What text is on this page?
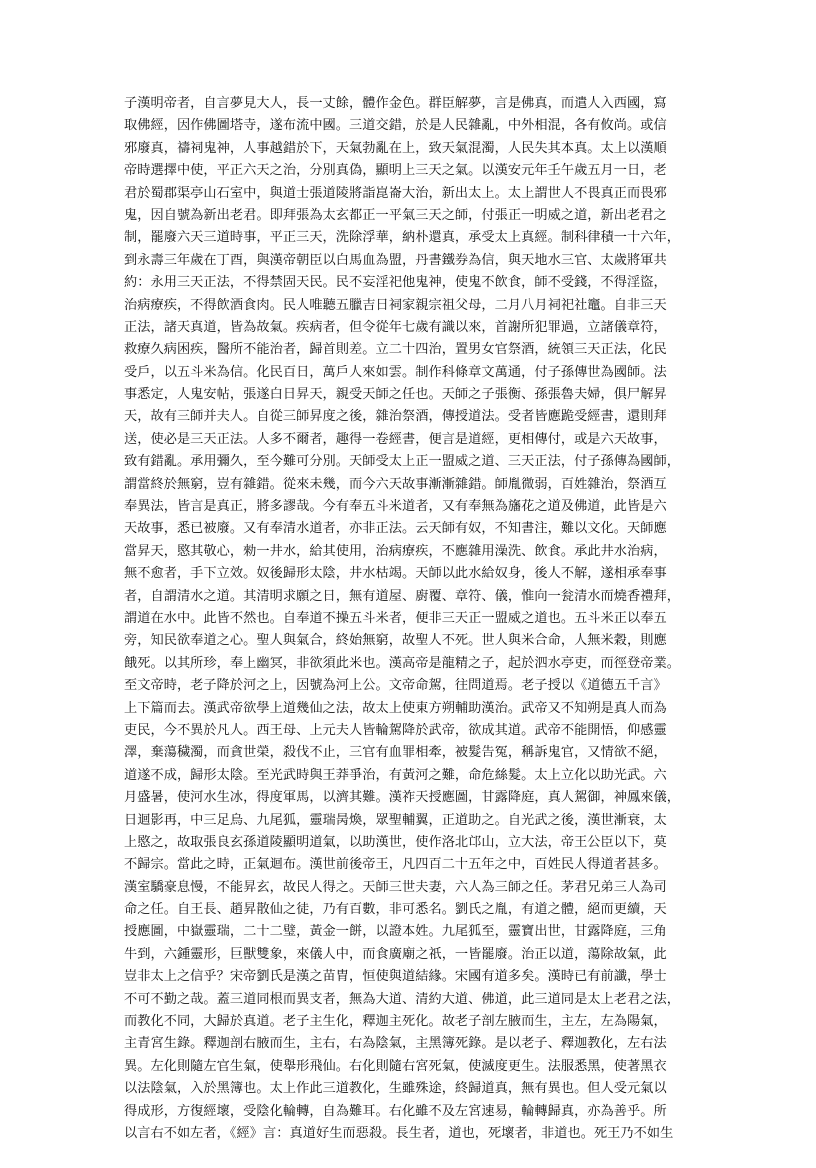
子漢明帝者，自言夢見大人，長一丈餘，體作金色。群臣解夢，言是佛真，而遣人入西國，寫
取佛經，因作佛圖塔寺，遂布流中國。三道交錯，於是人民雜亂，中外相混，各有攸尚。或信
邪廢真，禱祠鬼神，人事越錯於下，天氣勃亂在上，致天氣混濁，人民失其本真。太上以漢順
帝時選擇中使，平正六天之治，分別真偽，顯明上三天之氣。以漢安元年壬午歲五月一日，老
君於蜀郡渠亭山石室中，與道士張道陵將詣崑崙大治，新出太上。太上謂世人不畏真正而畏邪
鬼，因自號為新出老君。即拜張為太玄都正一平氣三天之師，付張正一明威之道，新出老君之
制，罷廢六天三道時事，平正三天，洗除浮華，納朴還真，承受太上真經。制科律積一十六年，
到永壽三年歲在丁酉，與漢帝朝臣以白馬血為盟，丹書鐵券為信，與天地水三官、太歲將軍共
約：永用三天正法，不得禁固天民。民不妄淫祀他鬼神，使鬼不飲食，師不受錢，不得淫盜，
治病療疾，不得飲酒食肉。民人唯聽五臘吉日祠家親宗祖父母，二月八月祠祀社竈。自非三天
正法，諸天真道，皆為故氣。疾病者，但令從年七歲有識以來，首謝所犯罪過，立諸儀章符，
救療久病困疾，醫所不能治者，歸首則差。立二十四治，置男女官祭酒，統領三天正法，化民
受戶，以五斗米為信。化民百日，萬戶人來如雲。制作科條章文萬通，付子孫傳世為國師。法
事悉定，人鬼安帖，張遂白日昇天，親受天師之任也。天師之子張衡、孫張魯夫婦，俱尸解昇
天，故有三師并夫人。自從三師昇度之後，雜治祭酒，傳授道法。受者皆應跪受經書，還則拜
送，使必是三天正法。人多不爾者，趣得一卷經書，便言是道經，更相傳付，或是六天故事，
致有錯亂。承用彌久，至今難可分別。天師受太上正一盟威之道、三天正法，付子孫傳為國師，
謂當終於無窮，豈有雜錯。從來未幾，而今六天故事漸漸雜錯。師胤微弱，百姓雜治，祭酒互
奉異法，皆言是真正，將多謬哉。今有奉五斗米道者，又有奉無為旛花之道及佛道，此皆是六
天故事，悉已被廢。又有奉清水道者，亦非正法。云天師有奴，不知書注，難以文化。天師應
當昇天，愍其敬心，勑一井水，給其使用，治病療疾，不應雜用澡洗、飲食。承此井水治病，
無不愈者，手下立效。奴後歸形太陰，井水枯竭。天師以此水給奴身，後人不解，遂相承奉事
者，自謂清水之道。其清明求願之日，無有道屋、廚覆、章符、儀，惟向一瓮清水而燒香禮拜，
謂道在水中。此皆不然也。自奉道不操五斗米者，便非三天正一盟威之道也。五斗米正以奉五
旁，知民欲奉道之心。聖人與氣合，終始無窮，故聖人不死。世人與米合命，人無米穀，則應
餓死。以其所珍，奉上幽冥，非欲須此米也。漢高帝是龍精之子，起於泗水亭吏，而徑登帝業。
至文帝時，老子降於河之上，因號為河上公。文帝命駕，往問道焉。老子授以《道德五千言》
上下篇而去。漢武帝欲學上道幾仙之法，故太上使東方朔輔助漢治。武帝又不知朔是真人而為
吏民，今不異於凡人。西王母、上元夫人皆輪駕降於武帝，欲成其道。武帝不能開悟，仰感靈
澤，棄蕩穢濁，而貪世榮，殺伐不止，三官有血罪相牽，被髮告冤，稱訴鬼官，又情欲不絕，
道遂不成，歸形太陰。至光武時與王莽爭治，有黃河之難，命危絲髮。太上立化以助光武。六
月盛暑，使河水生冰，得度軍馬，以濟其難。漢祚天授應圖，甘露降庭，真人駕御，神鳳來儀，
日迴影再，中三足烏、九尾狐，靈瑞昺煥，眾聖輔翼，正道助之。自光武之後，漢世漸衰，太
上愍之，故取張良玄孫道陵顯明道氣，以助漢世，使作洛北邙山，立大法，帝王公臣以下，莫
不歸宗。當此之時，正氣迴布。漢世前後帝王，凡四百二十五年之中，百姓民人得道者甚多。
漢室驕豪息慢，不能昇玄，故民人得之。天師三世夫妻，六人為三師之任。茅君兄弟三人為司
命之任。自王長、趙昇散仙之徒，乃有百數，非可悉名。劉氏之胤，有道之體，絕而更續，天
授應圖，中嶽靈瑞，二十二璧，黃金一餅，以證本姓。九尾狐至，靈寶出世，甘露降庭，三角
牛到，六鍾靈形，巨獸雙象，來儀人中，而食廣廟之祇，一皆罷廢。治正以道，蕩除故氣，此
豈非太上之信乎？宋帝劉氏是漢之苗胄，恒使與道結緣。宋國有道多矣。漢時已有前讖，學士
不可不勤之哉。蓋三道同根而異支者，無為大道、清約大道、佛道，此三道同是太上老君之法，
而教化不同，大歸於真道。老子主生化，釋迦主死化。故老子剖左腋而生，主左，左為陽氣，
主青宮生錄。釋迦剖右腋而生，主右，右為陰氣，主黑簿死錄。是以老子、釋迦教化，左右法
異。左化則隨左官生氣，使舉形飛仙。右化則隨右宮死氣，使滅度更生。法服悉黑，使著黑衣
以法陰氣，入於黑簿也。太上作此三道教化，生雖殊途，終歸道真，無有異也。但人受元氣以
得成形，方復經壞，受陰化輪轉，自為難耳。右化雖不及左宮速易，輪轉歸真，亦為善乎。所
以言右不如左者，《經》言：真道好生而惡殺。長生者，道也，死壞者，非道也。死王乃不如生
